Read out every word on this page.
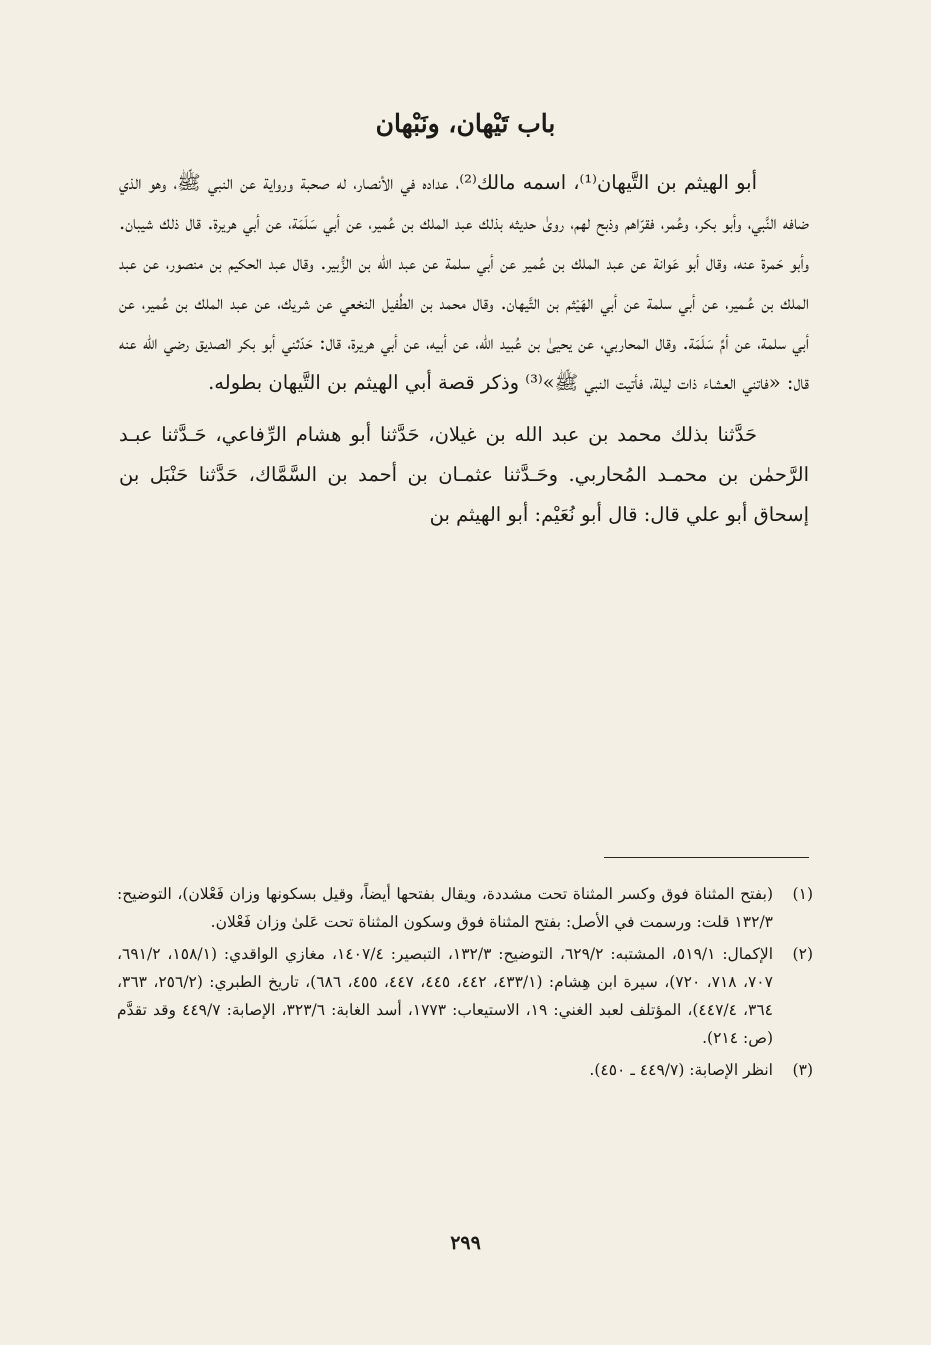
باب تَيْهان، ونَبْهان

أبو الهيثم بن التَّيهان⁽¹⁾، اسمه مالك⁽²⁾، عداده في الأنصار، له صحبة ورواية عن النبي ﷺ، وهو الذي ضافه النَّبي، وأبو بكر، وعُمر، فقرّاهم وذبح لهم، روىٰ حديثه بذلك عبد الملك بن عُمير، عن أبي سَلَمَة، عن أبي هريرة. قال ذلك شيبان. وأبو حَمرة عنه، وقال أبو عَوانة عن عبد الملك بن عُمير عن أبي سلمة عن عبد الله بن الزُّبير. وقال عبد الحكيم بن منصور، عن عبد الملك بن عُـمير، عن أبي سلمة عن أبي الهَيْثم بن التَّيهان. وقال محمد بن الطُفيل النخعي عن شريك، عن عبد الملك بن عُمير، عن أبي سلمة، عن أمِّ سَلَمَة. وقال المحاربي، عن يحيىٰ بن عُبيد الله، عن أبيه، عن أبي هريرة، قال: حَدّثني أبو بكر الصديق رضي الله عنه قال: «فاتني العشاء ذات ليلة، فأتيت النبي ﷺ»⁽³⁾ وذكر قصة أبي الهيثم بن التَّيهان بطوله.

حَدَّثنا بذلك محمد بن عبد الله بن غيلان، حَدَّثنا أبو هشام الرِّفاعي، حَـدَّثنا عبـد الرَّحمٰن بن محمـد المُحاربي. وحَـدَّثنا عثمـان بن أحمد بن السَّمَّاك، حَدَّثنا حَنْبَل بن إسحاق أبو علي قال: قال أبو نُعَيْم: أبو الهيثم بن

(١)
(بفتح المثناة فوق وكسر المثناة تحت مشددة، ويقال بفتحها أيضاً، وقيل بسكونها وزان فَعْلان)، التوضيح: ١٣٢/٣ قلت: ورسمت في الأصل: بفتح المثناة فوق وسكون المثناة تحت عَلىٰ وزان فَعْلان.
(٢)
الإكمال: ٥١٩/١، المشتبه: ٦٢٩/٢، التوضيح: ١٣٢/٣، التبصير: ١٤٠٧/٤، مغازي الواقدي: (١٥٨/١، ٦٩١/٢، ٧٠٧، ٧١٨، ٧٢٠)، سيرة ابن هِشام: (٤٣٣/١، ٤٤٢، ٤٤٥، ٤٤٧، ٤٥٥، ٦٨٦)، تاريخ الطبري: (٢٥٦/٢، ٣٦٣، ٣٦٤، ٤٤٧/٤)، المؤتلف لعبد الغني: ١٩، الاستيعاب: ١٧٧٣، أسد الغابة: ٣٢٣/٦، الإصابة: ٤٤٩/٧ وقد تقدَّم (ص: ٢١٤).
(٣)
انظر الإصابة: (٤٤٩/٧ ـ ٤٥٠).
٢٩٩
